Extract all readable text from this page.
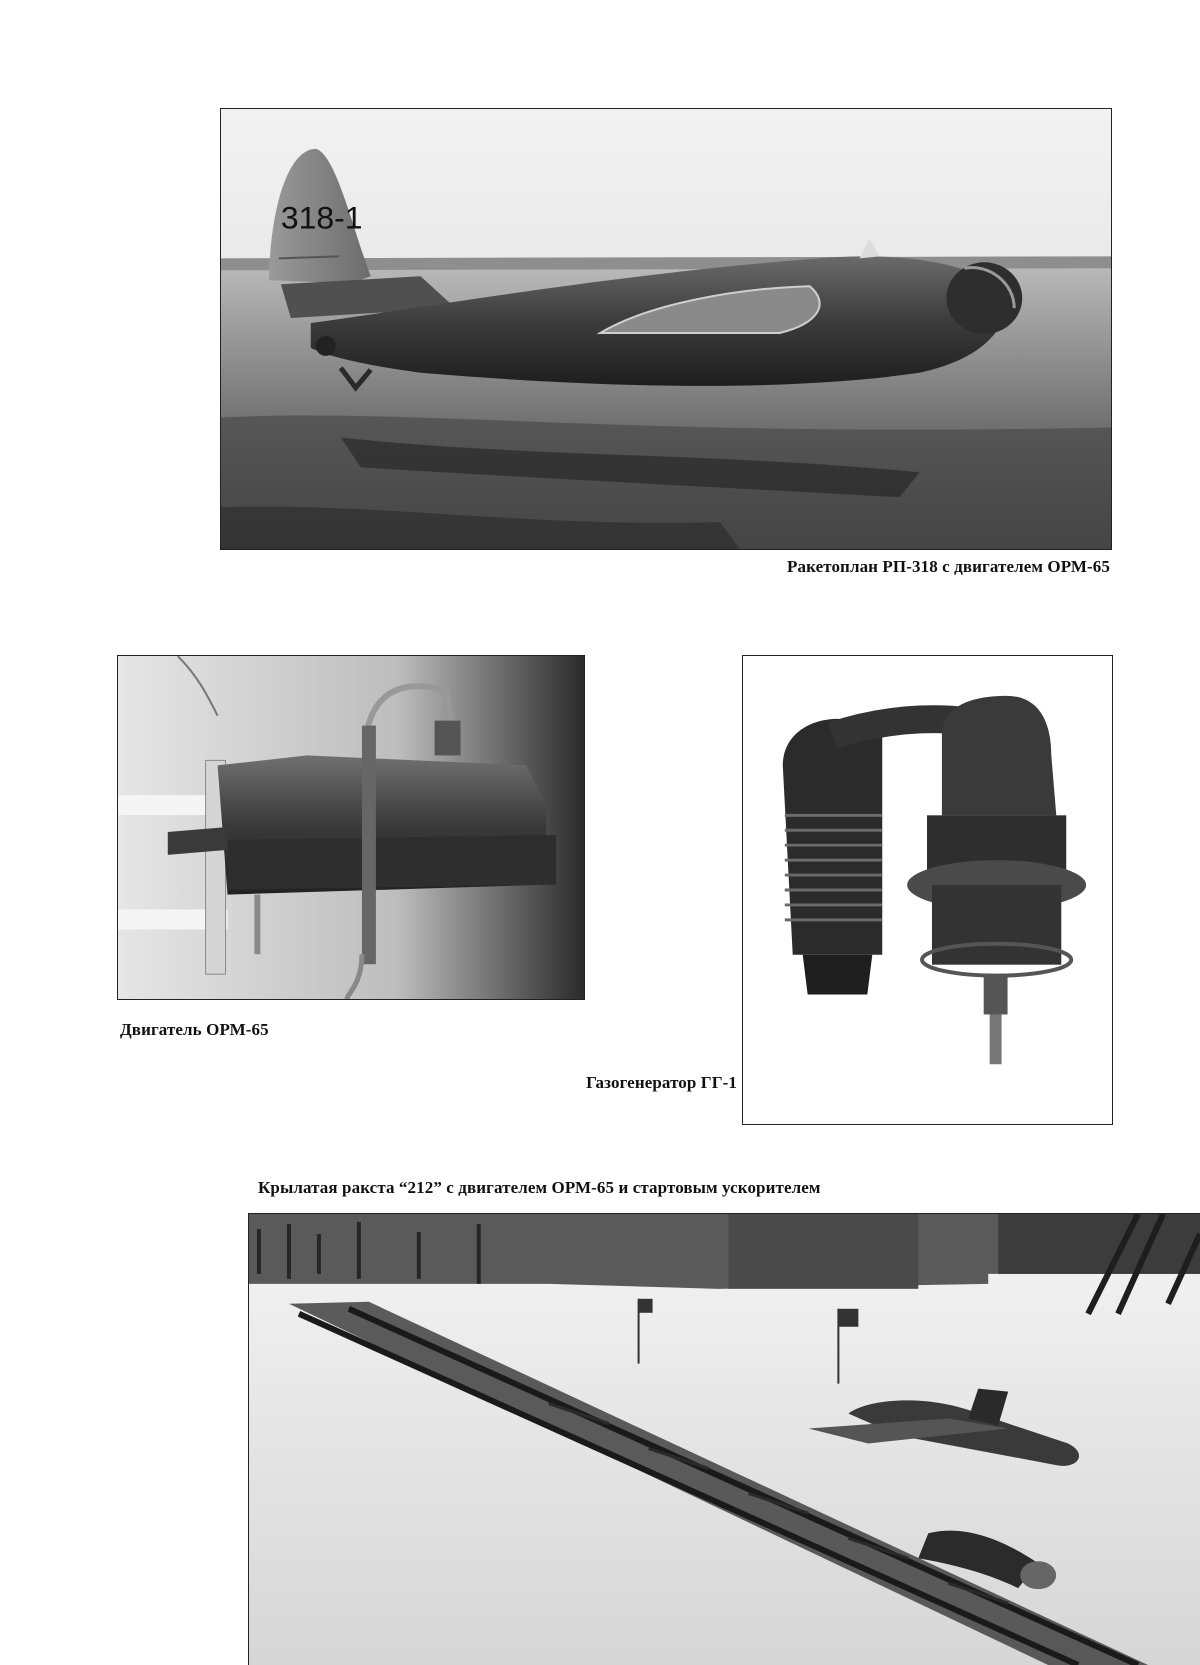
318-1
Ракетоплан РП-318 с двигателем ОРМ-65
Двигатель ОРМ-65
Газогенератор ГГ-1
Крылатая ракста “212” с двигателем ОРМ-65 и стартовым ускорителем
